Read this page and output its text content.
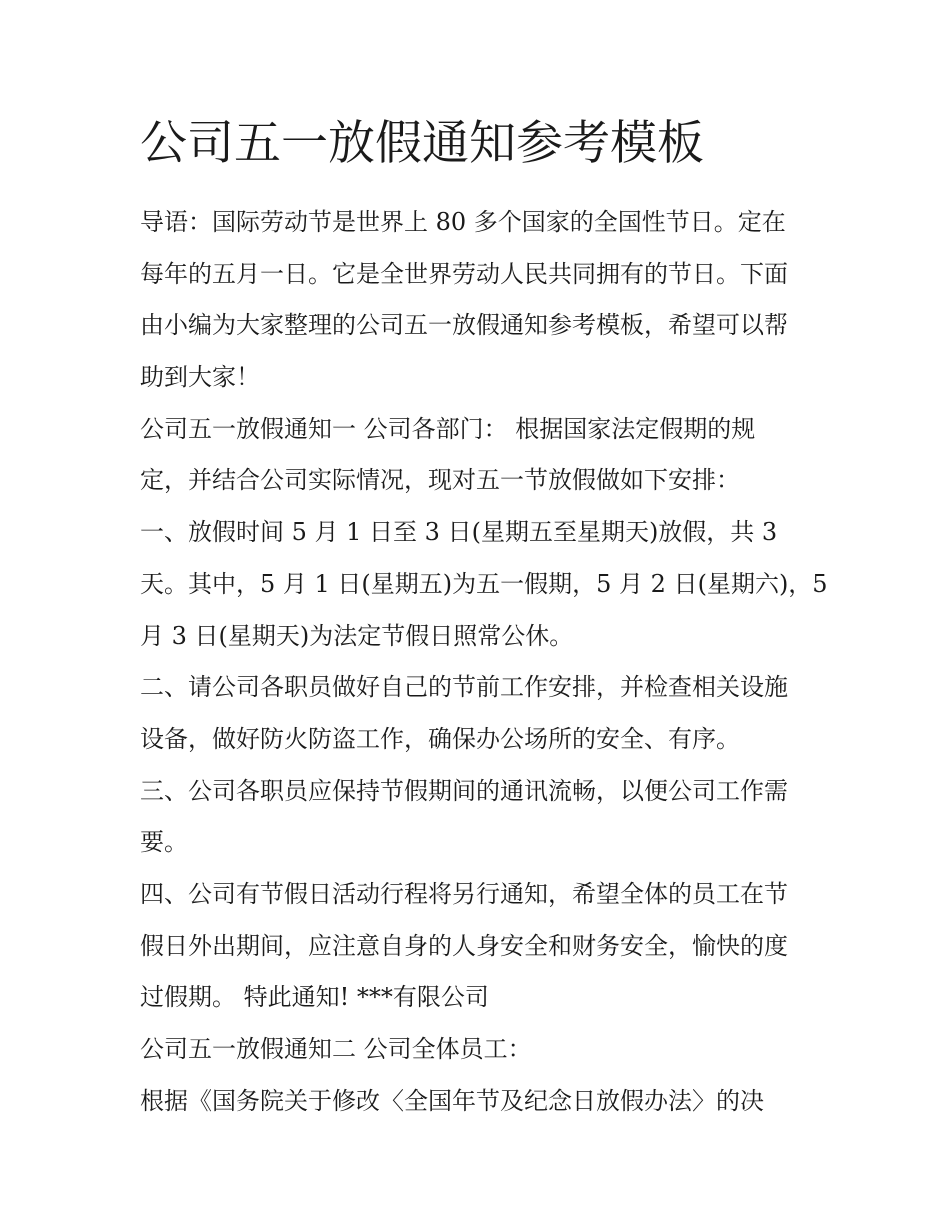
公司五一放假通知参考模板
导语：国际劳动节是世界上 80 多个国家的全国性节日。定在
每年的五月一日。它是全世界劳动人民共同拥有的节日。下面
由小编为大家整理的公司五一放假通知参考模板，希望可以帮
助到大家！
公司五一放假通知一 公司各部门： 根据国家法定假期的规
定，并结合公司实际情况，现对五一节放假做如下安排：
一、放假时间 5 月 1 日至 3 日(星期五至星期天)放假，共 3
天。其中，5 月 1 日(星期五)为五一假期，5 月 2 日(星期六)，5
月 3 日(星期天)为法定节假日照常公休。
二、请公司各职员做好自己的节前工作安排，并检查相关设施
设备，做好防火防盗工作，确保办公场所的安全、有序。
三、公司各职员应保持节假期间的通讯流畅，以便公司工作需
要。
四、公司有节假日活动行程将另行通知，希望全体的员工在节
假日外出期间，应注意自身的人身安全和财务安全，愉快的度
过假期。 特此通知! ***有限公司
公司五一放假通知二 公司全体员工：
根据《国务院关于修改〈全国年节及纪念日放假办法〉的决
